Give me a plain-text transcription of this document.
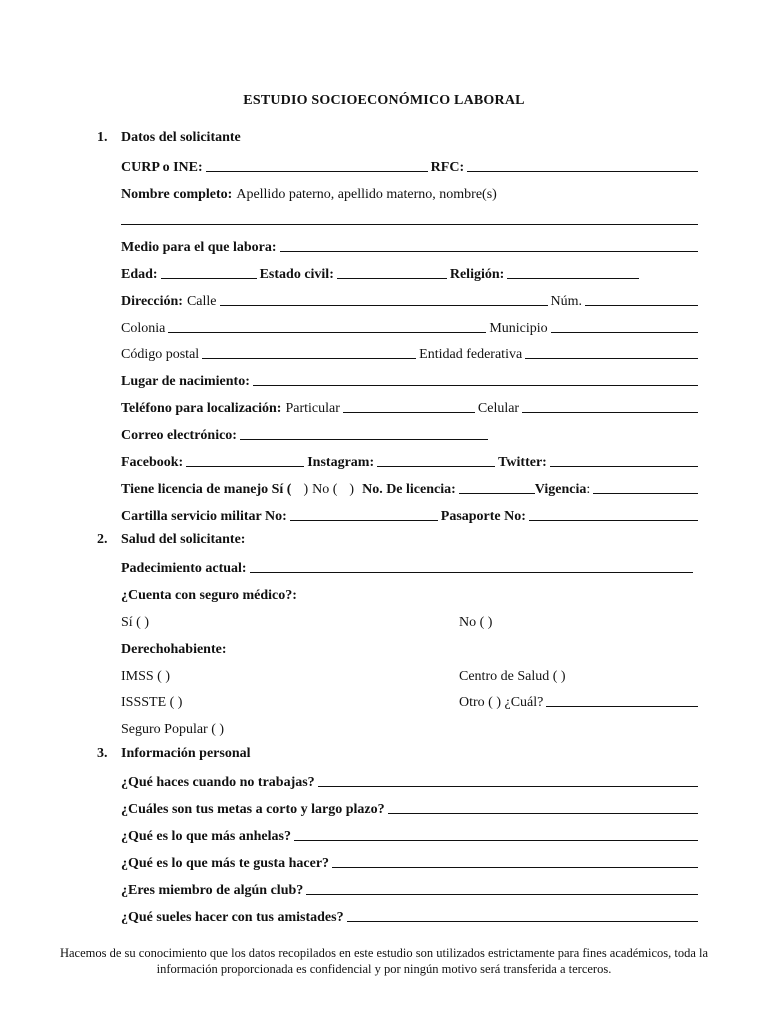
ESTUDIO SOCIOECONÓMICO LABORAL
1. Datos del solicitante
CURP o INE:	RFC:
Nombre completo: Apellido paterno, apellido materno, nombre(s)
Medio para el que labora:
Edad:	Estado civil:	Religión:
Dirección: Calle	Núm.
Colonia	Municipio
Código postal	Entidad federativa
Lugar de nacimiento:
Teléfono para localización: Particular	Celular
Correo electrónico:
Facebook:	Instagram:	Twitter:
Tiene licencia de manejo Sí ( ) No ( ) No. De licencia:	Vigencia :
Cartilla servicio militar No:	Pasaporte No:
2. Salud del solicitante:
Padecimiento actual:
¿Cuenta con seguro médico?:
Sí ( )	No ( )
Derechohabiente:
IMSS ( )	Centro de Salud ( )
ISSSTE ( )	Otro ( ) ¿Cuál?
Seguro Popular ( )
3. Información personal
¿Qué haces cuando no trabajas?
¿Cuáles son tus metas a corto y largo plazo?
¿Qué es lo que más anhelas?
¿Qué es lo que más te gusta hacer?
¿Eres miembro de algún club?
¿Qué sueles hacer con tus amistades?
Hacemos de su conocimiento que los datos recopilados en este estudio son utilizados estrictamente para fines académicos, toda la información proporcionada es confidencial y por ningún motivo será transferida a terceros.
